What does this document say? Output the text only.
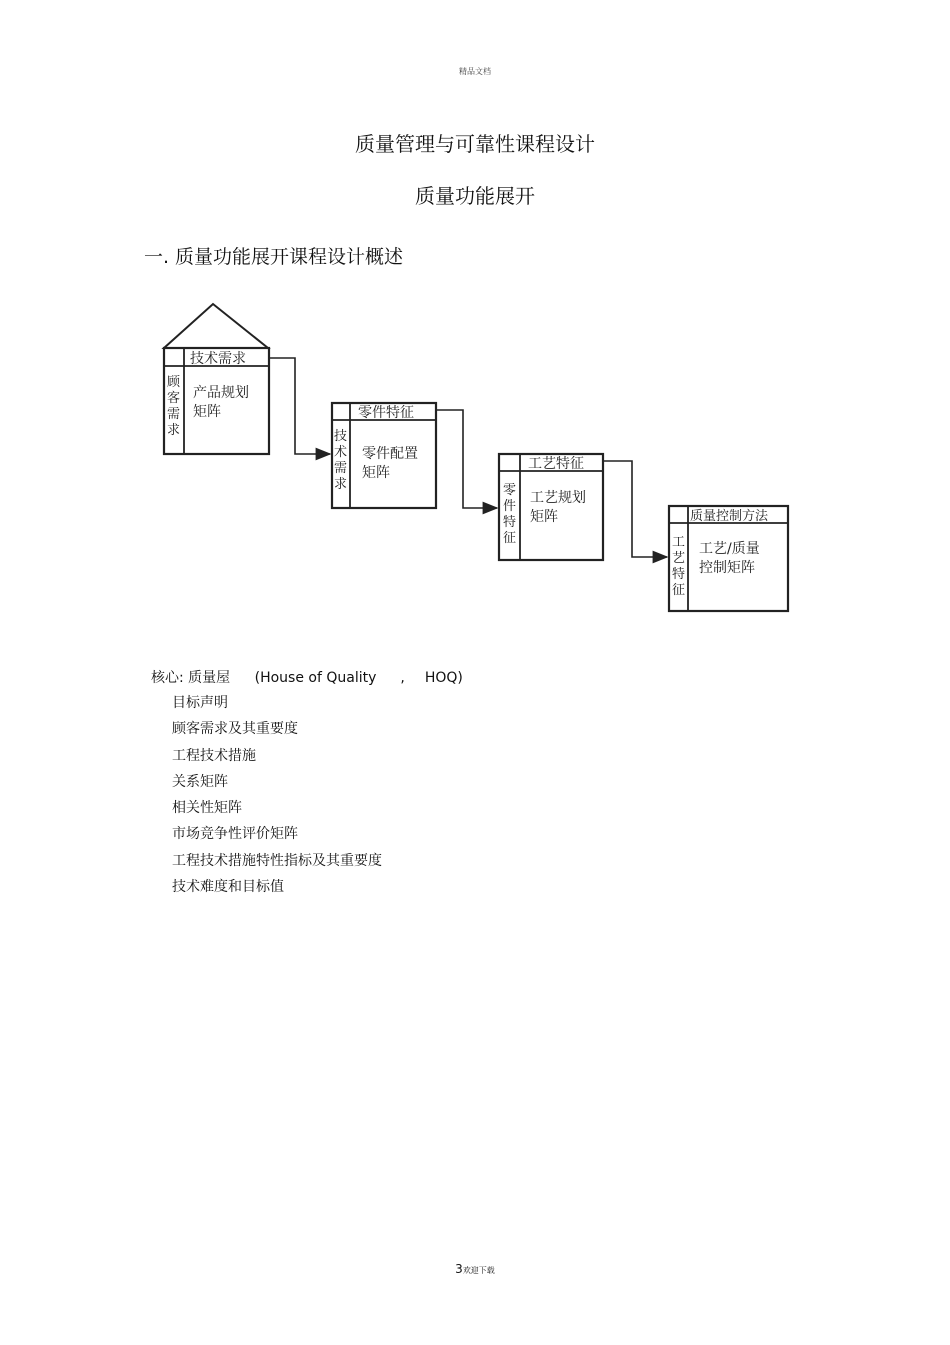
精品文档
质量管理与可靠性课程设计
质量功能展开
一. 质量功能展开课程设计概述
技术需求
顾
客
需
求
产品规划
矩阵	零件特征
技
术
需
求
零件配置
矩阵
工艺特征
零
件
特
征
工艺规划
矩阵	质量控制方法
工
艺
特
征
工艺/质量
控制矩阵
核心: 质量屋 (House of Quality , HOQ)
目标声明
顾客需求及其重要度
工程技术措施
关系矩阵
相关性矩阵
市场竞争性评价矩阵
工程技术措施特性指标及其重要度
技术难度和目标值
3欢迎下载
